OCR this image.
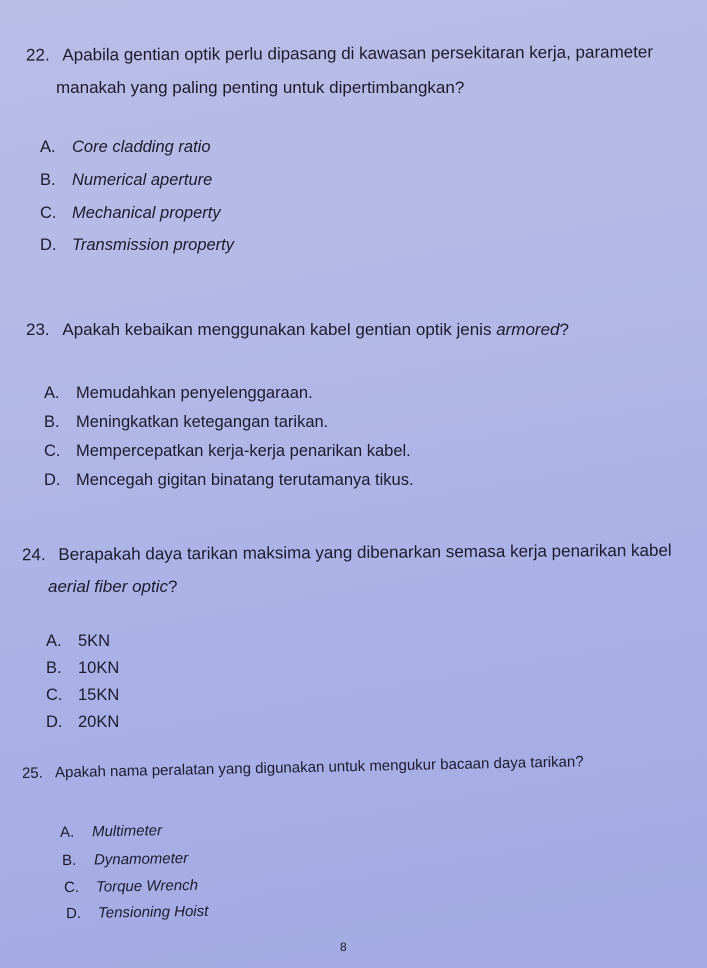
22. Apabila gentian optik perlu dipasang di kawasan persekitaran kerja, parameter
manakah yang paling penting untuk dipertimbangkan?
A. Core cladding ratio
B. Numerical aperture
C. Mechanical property
D. Transmission property
23. Apakah kebaikan menggunakan kabel gentian optik jenis armored?
A. Memudahkan penyelenggaraan.
B. Meningkatkan ketegangan tarikan.
C. Mempercepatkan kerja-kerja penarikan kabel.
D. Mencegah gigitan binatang terutamanya tikus.
24. Berapakah daya tarikan maksima yang dibenarkan semasa kerja penarikan kabel
aerial fiber optic?
A. 5KN
B. 10KN
C. 15KN
D. 20KN
25. Apakah nama peralatan yang digunakan untuk mengukur bacaan daya tarikan?
A. Multimeter
B. Dynamometer
C. Torque Wrench
D. Tensioning Hoist
8
